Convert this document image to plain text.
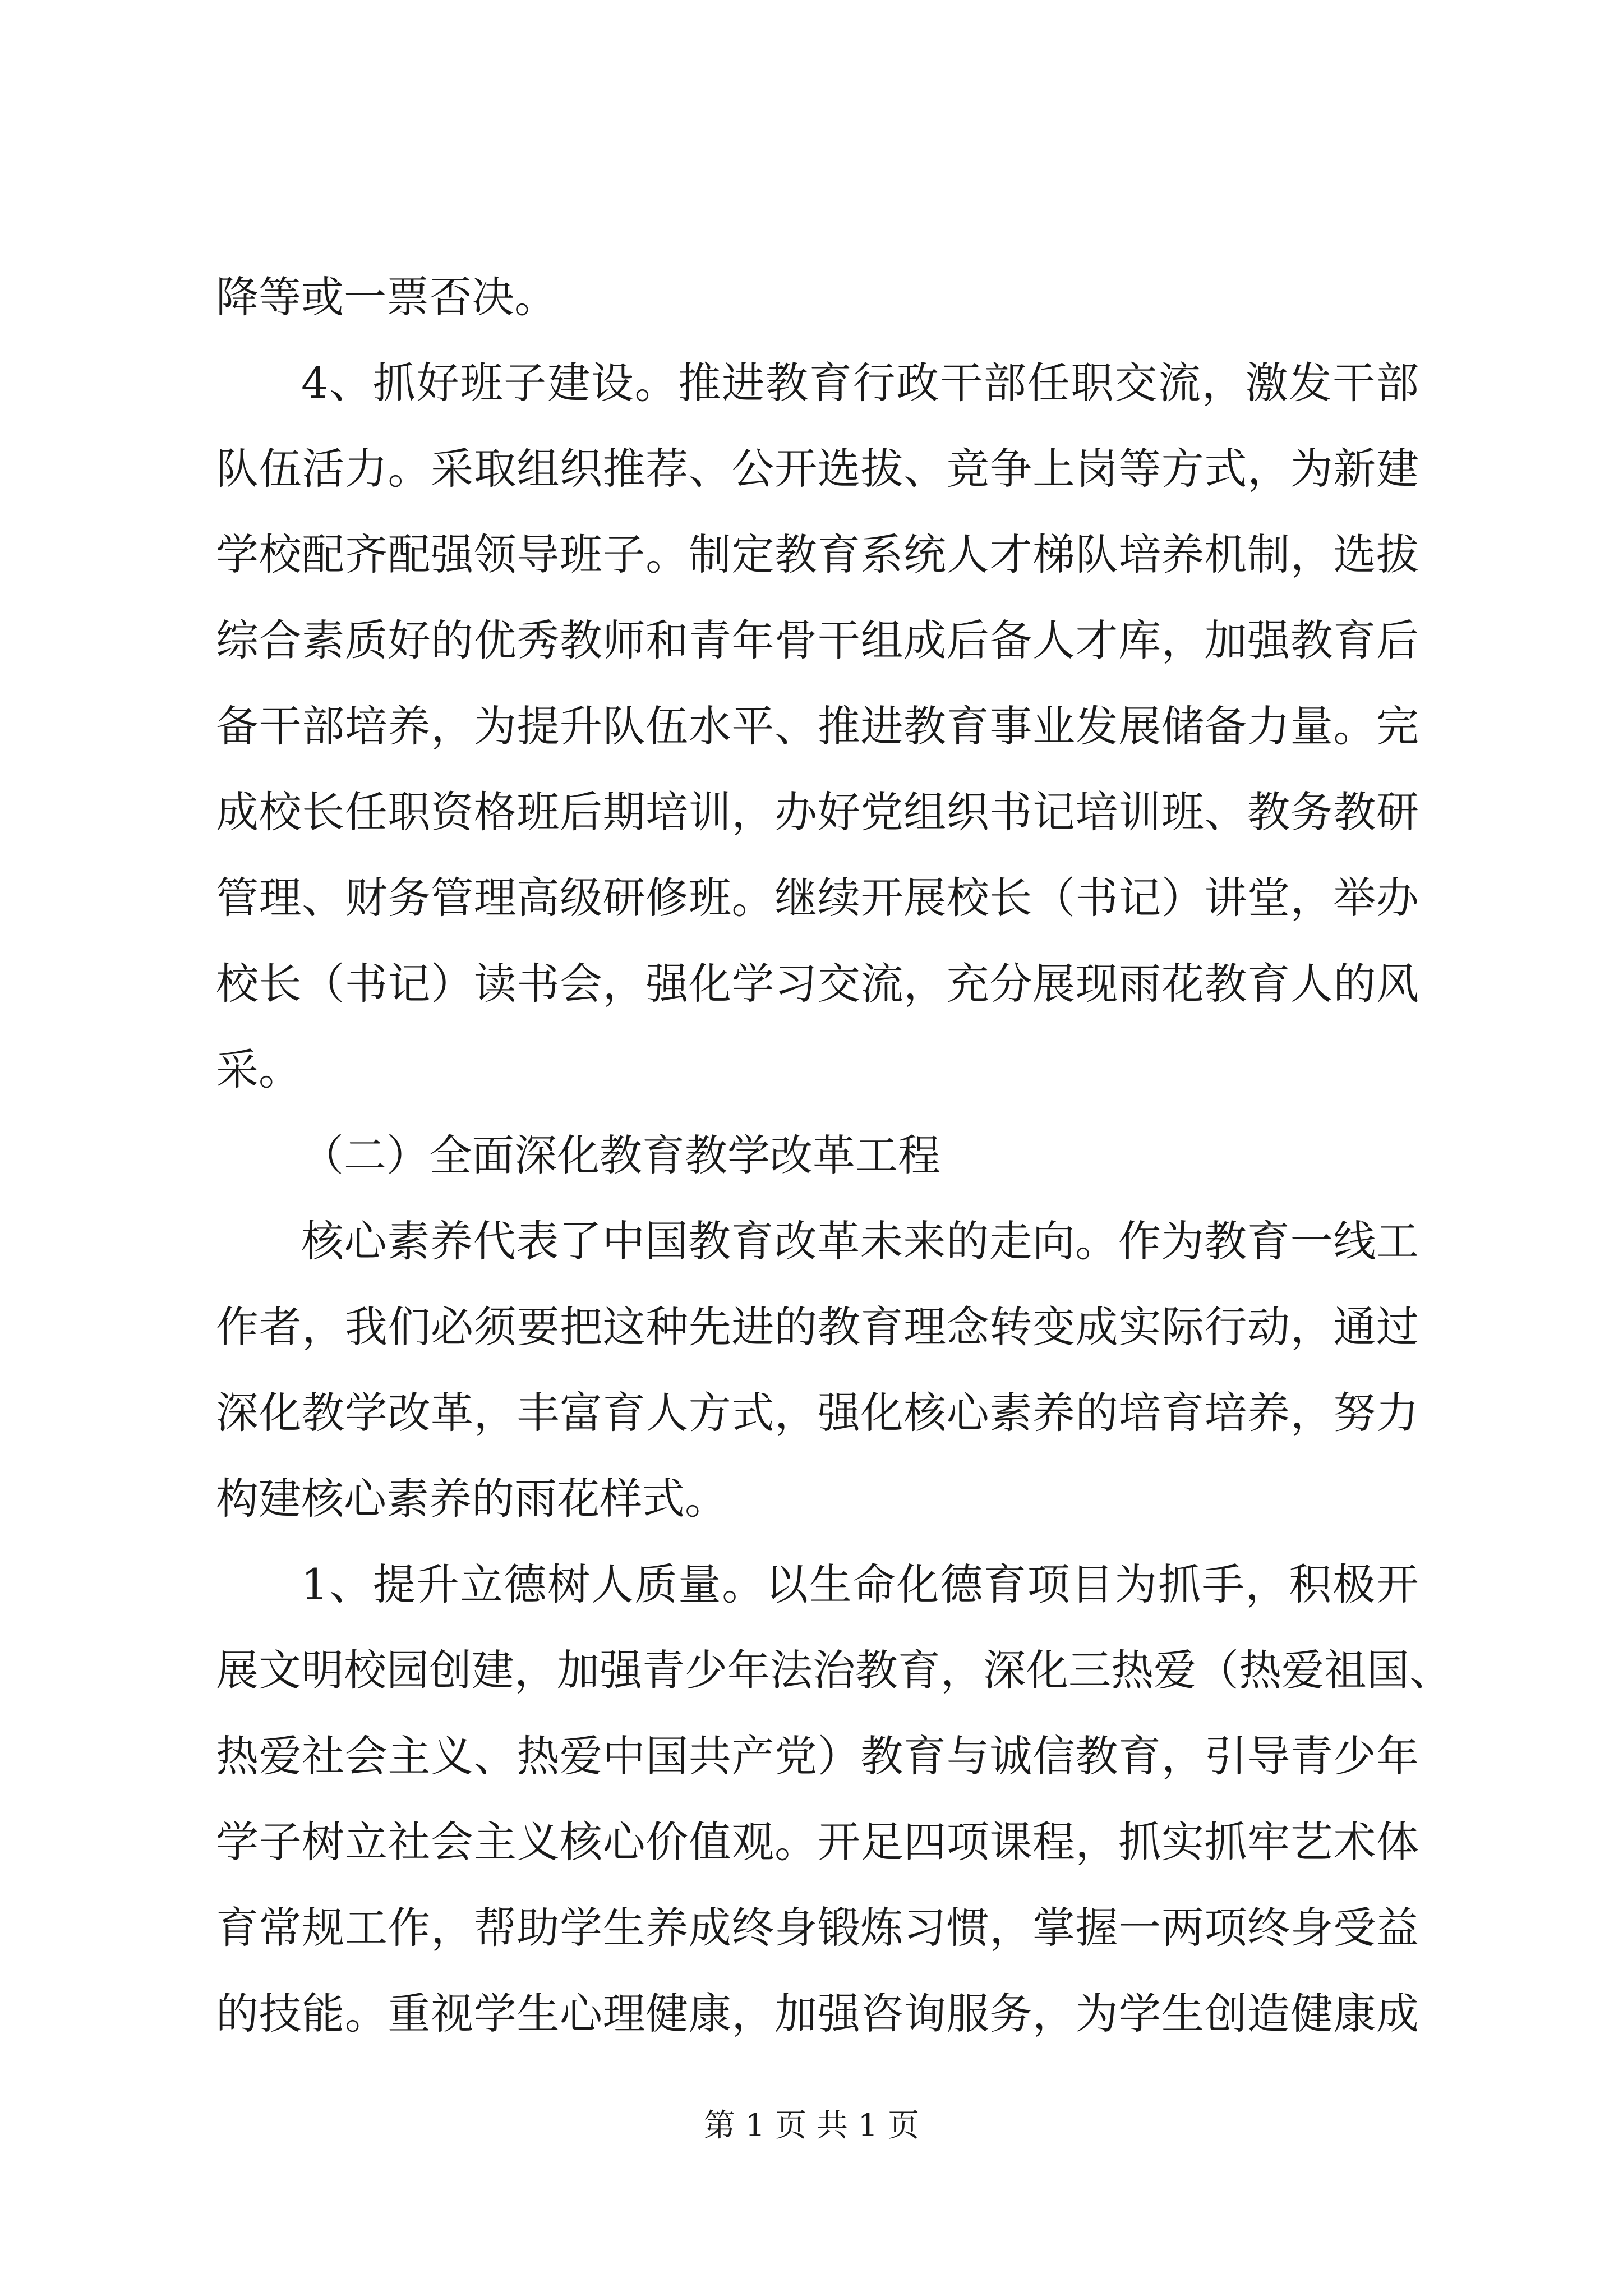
降等或一票否决。
4、抓好班子建设。推进教育行政干部任职交流，激发干部
队伍活力。采取组织推荐、公开选拔、竞争上岗等方式，为新建
学校配齐配强领导班子。制定教育系统人才梯队培养机制，选拔
综合素质好的优秀教师和青年骨干组成后备人才库，加强教育后
备干部培养，为提升队伍水平、推进教育事业发展储备力量。完
成校长任职资格班后期培训，办好党组织书记培训班、教务教研
管理、财务管理高级研修班。继续开展校长（书记）讲堂，举办
校长（书记）读书会，强化学习交流，充分展现雨花教育人的风
采。
（二）全面深化教育教学改革工程
核心素养代表了中国教育改革未来的走向。作为教育一线工
作者，我们必须要把这种先进的教育理念转变成实际行动，通过
深化教学改革，丰富育人方式，强化核心素养的培育培养，努力
构建核心素养的雨花样式。
1、提升立德树人质量。以生命化德育项目为抓手，积极开
展文明校园创建，加强青少年法治教育，深化三热爱（热爱祖国、
热爱社会主义、热爱中国共产党）教育与诚信教育，引导青少年
学子树立社会主义核心价值观。开足四项课程，抓实抓牢艺术体
育常规工作，帮助学生养成终身锻炼习惯，掌握一两项终身受益
的技能。重视学生心理健康，加强咨询服务，为学生创造健康成
第 1 页 共 1 页
